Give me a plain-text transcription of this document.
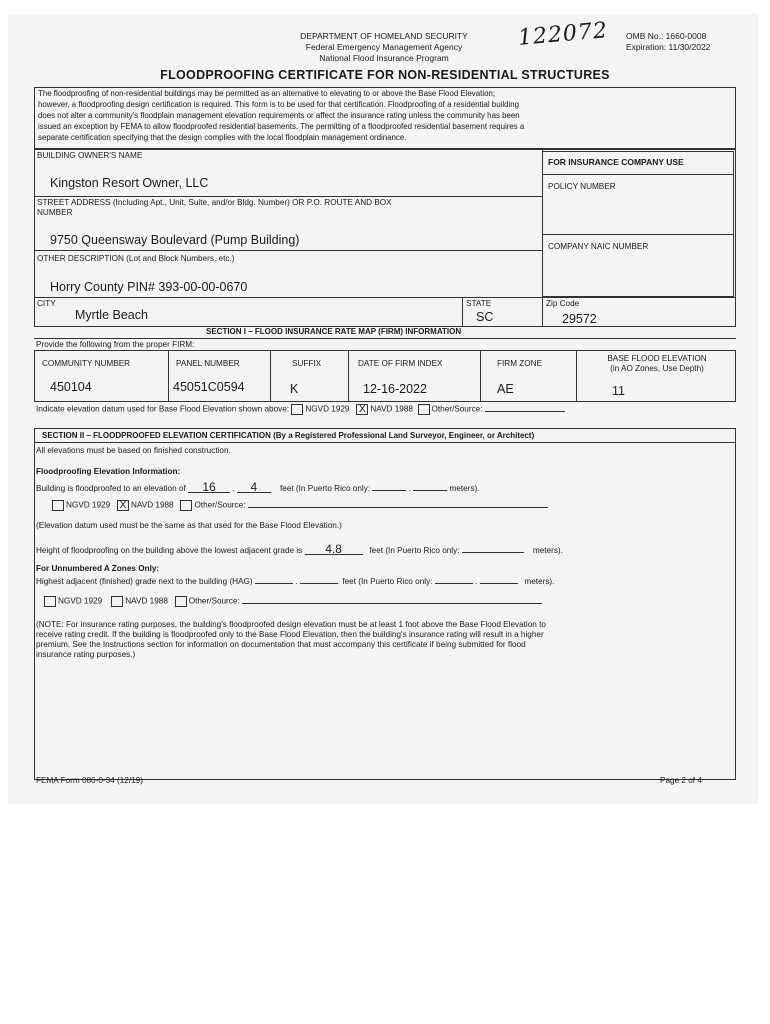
DEPARTMENT OF HOMELAND SECURITY
Federal Emergency Management Agency
National Flood Insurance Program
122072 OMB No.: 1660-0008
Expiration: 11/30/2022
FLOODPROOFING CERTIFICATE FOR NON-RESIDENTIAL STRUCTURES
The floodproofing of non-residential buildings may be permitted as an alternative to elevating to or above the Base Flood Elevation;
however, a floodproofing design certification is required. This form is to be used for that certification. Floodproofing of a residential building
does not alter a community's floodplain management elevation requirements or affect the insurance rating unless the community has been
issued an exception by FEMA to allow floodproofed residential basements. The permitting of a floodproofed residential basement requires a
separate certification specifying that the design complies with the local floodplain management ordinance.
BUILDING OWNER'S NAME
Kingston Resort Owner, LLC
STREET ADDRESS (Including Apt., Unit, Suite, and/or Bldg. Number) OR P.O. ROUTE AND BOX
NUMBER
9750 Queensway Boulevard (Pump Building)
OTHER DESCRIPTION (Lot and Block Numbers, etc.)
Horry County PIN# 393-00-00-0670
CITY
Myrtle Beach
STATE
SC
Zip Code
29572
FOR INSURANCE COMPANY USE
POLICY NUMBER
COMPANY NAIC NUMBER
SECTION I – FLOOD INSURANCE RATE MAP (FIRM) INFORMATION
Provide the following from the proper FIRM:
COMMUNITY NUMBER	PANEL NUMBER	SUFFIX	DATE OF FIRM INDEX	FIRM ZONE
BASE FLOOD ELEVATION
(in AO Zones, Use Depth)
450104	45051C0594	K	12-16-2022	AE	11
Indicate elevation datum used for Base Flood Elevation shown above: NGVD 1929 X NAVD 1988 Other/Source:
SECTION II – FLOODPROOFED ELEVATION CERTIFICATION (By a Registered Professional Land Surveyor, Engineer, or Architect)
All elevations must be based on finished construction.
Floodproofing Elevation Information:
Building is floodproofed to an elevation of 16 . 4	feet (In Puerto Rico only:	.	meters).
NGVD 1929 X NAVD 1988	Other/Source:
(Elevation datum used must be the same as that used for the Base Flood Elevation.)
Height of floodproofing on the building above the lowest adjacent grade is 4.8	feet (In Puerto Rico only:	meters).
For Unnumbered A Zones Only:
Highest adjacent (finished) grade next to the building (HAG)	.	feet (In Puerto Rico only:	.	meters).
NGVD 1929	NAVD 1988	Other/Source:
(NOTE: For insurance rating purposes, the building's floodproofed design elevation must be at least 1 foot above the Base Flood Elevation to
receive rating credit. If the building is floodproofed only to the Base Flood Elevation, then the building's insurance rating will result in a higher
premium. See the Instructions section for information on documentation that must accompany this certificate if being submitted for flood
insurance rating purposes.)
FEMA Form 086-0-34 (12/19)	Page 2 of 4
